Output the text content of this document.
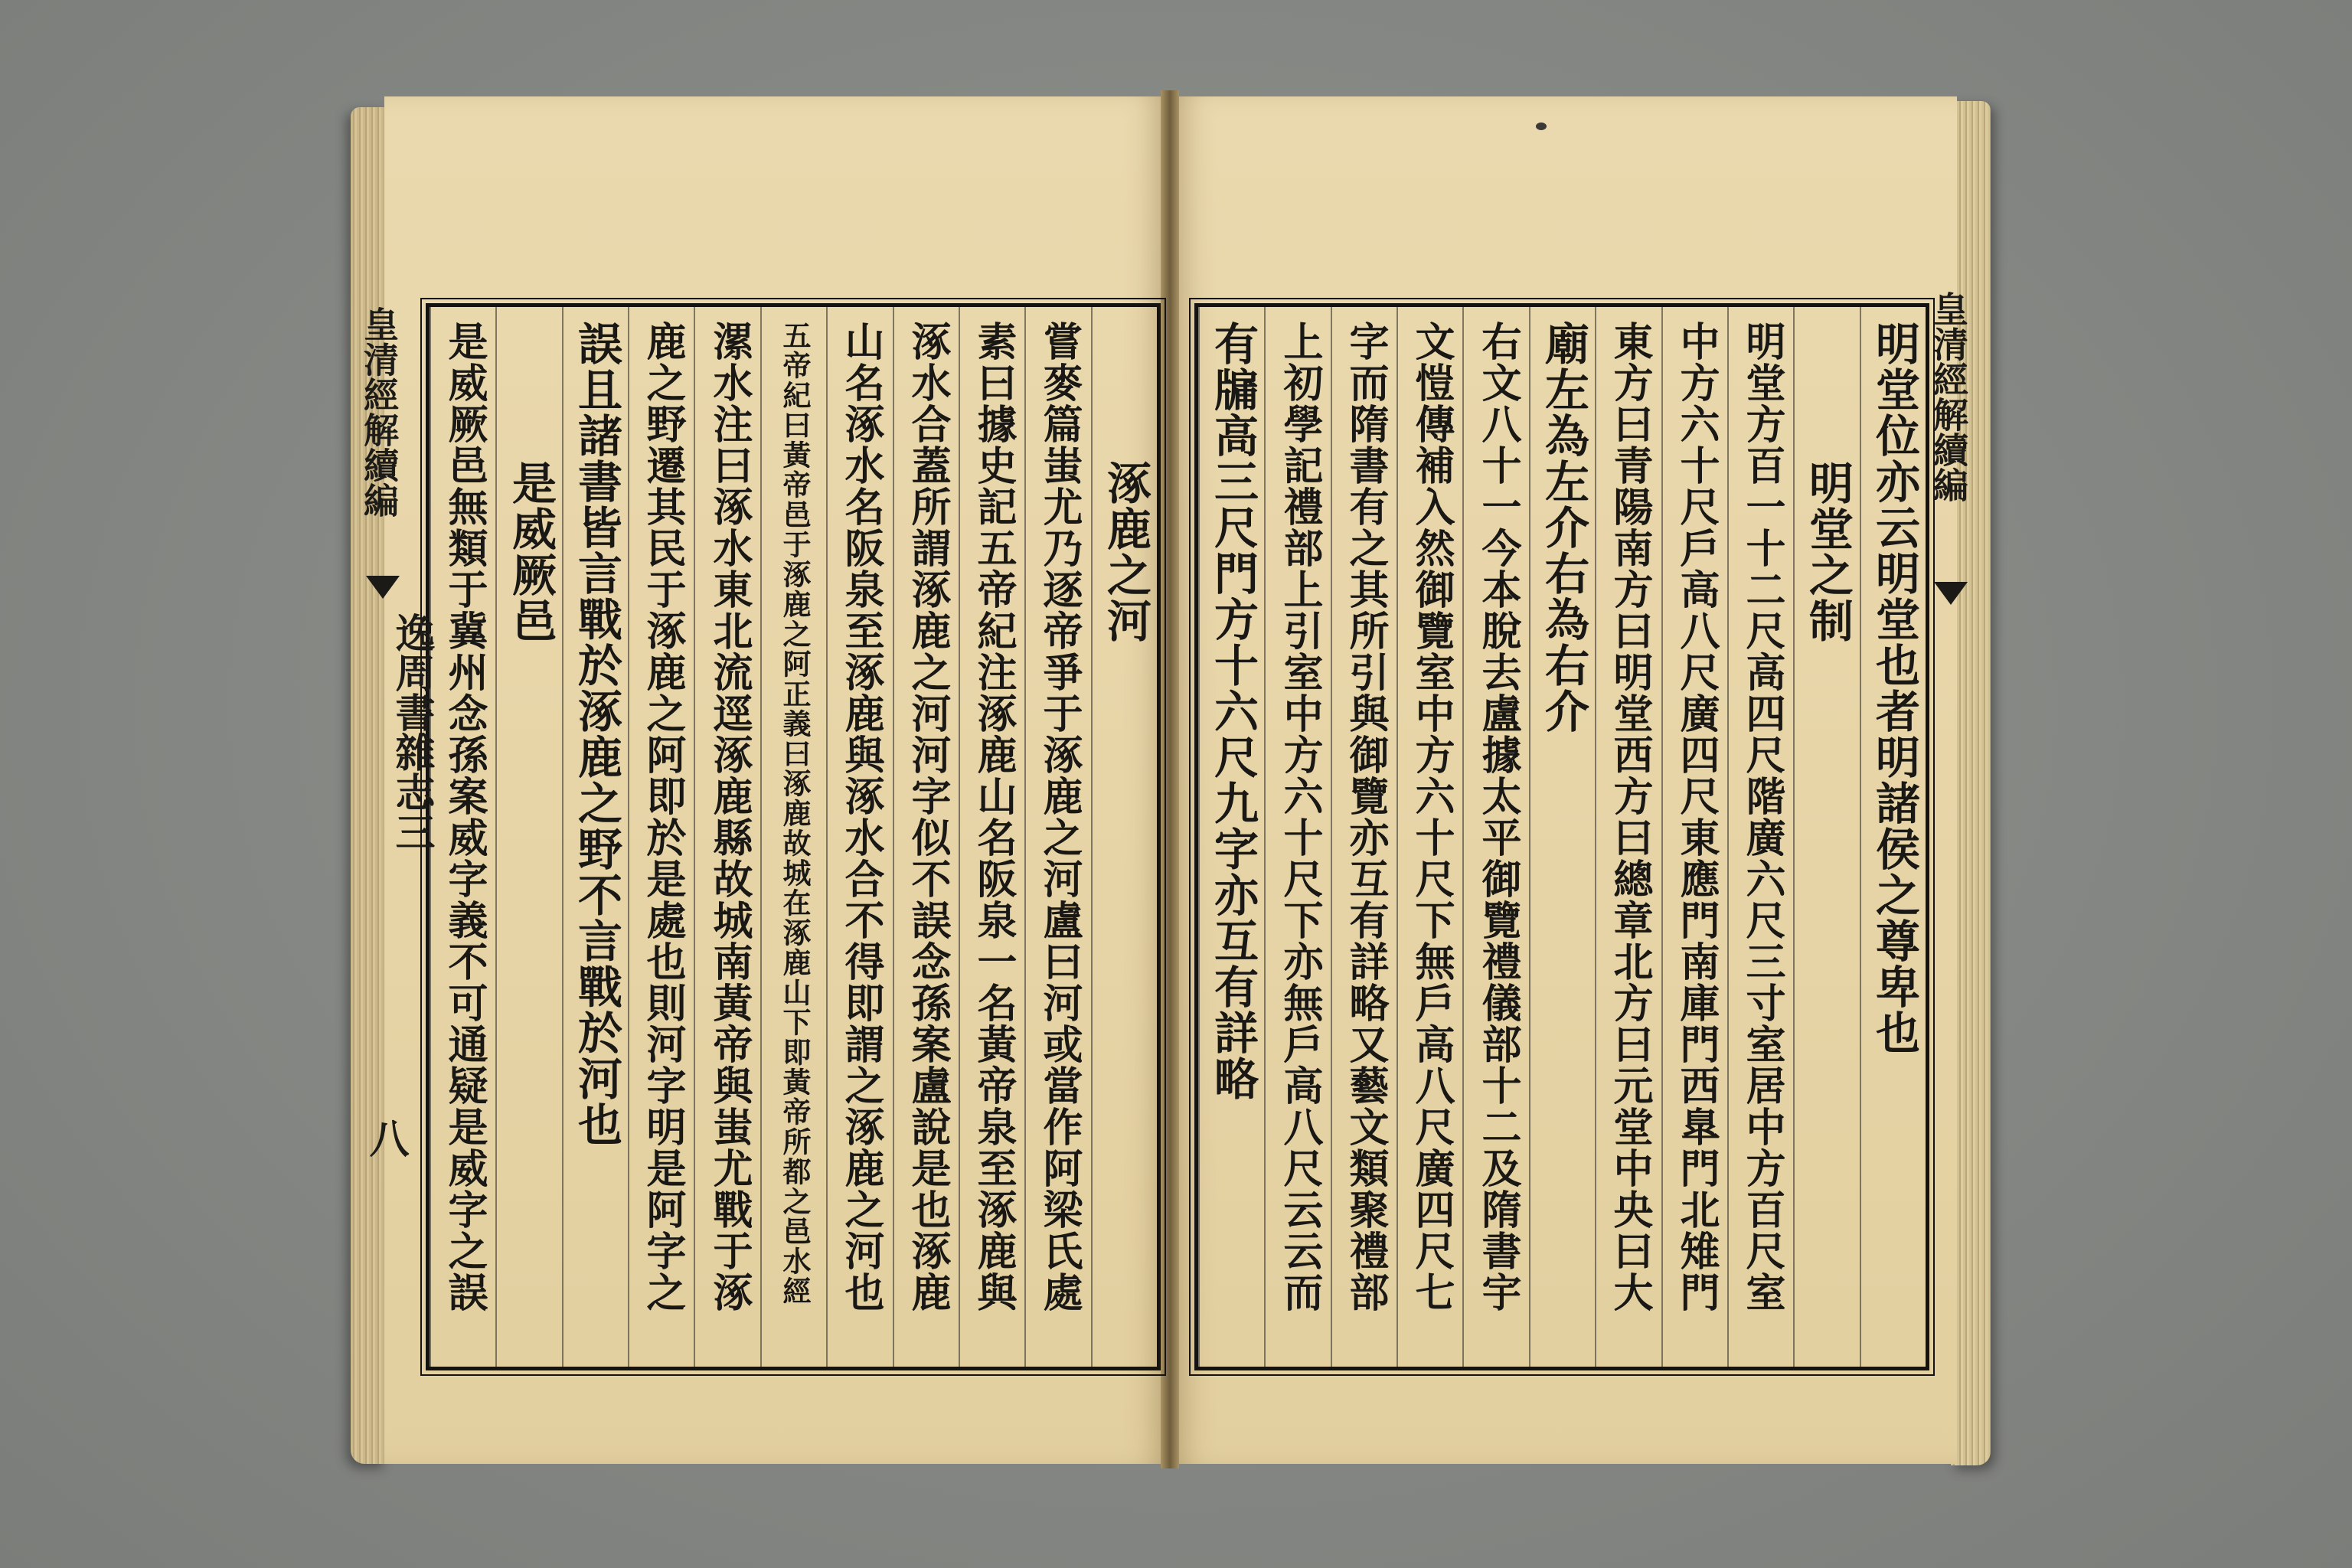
涿鹿之河
嘗麥篇蚩尤乃逐帝爭于涿鹿之河盧曰河或當作阿梁氏處
素曰據史記五帝紀注涿鹿山名阪泉一名黃帝泉至涿鹿與
涿水合蓋所謂涿鹿之河河字似不誤念孫案盧說是也涿鹿
山名涿水名阪泉至涿鹿與涿水合不得即謂之涿鹿之河也
五帝紀曰黃帝邑于涿鹿之阿正義曰涿鹿故城在涿鹿山下即黃帝所都之邑水經
漯水注曰涿水東北流逕涿鹿縣故城南黃帝與蚩尤戰于涿
鹿之野遷其民于涿鹿之阿即於是處也則河字明是阿字之
誤且諸書皆言戰於涿鹿之野不言戰於河也
是威厥邑
是威厥邑無類于冀州念孫案威字義不可通疑是威字之誤
皇清經解續編
逸周書雜志三
八
明堂位亦云明堂也者明諸侯之尊卑也
明堂之制
明堂方百一十二尺高四尺階廣六尺三寸室居中方百尺室
中方六十尺戶高八尺廣四尺東應門南庫門西臯門北雉門
東方曰青陽南方曰明堂西方曰總章北方曰元堂中央曰大
廟左為左介右為右介
右文八十一今本脫去盧據太平御覽禮儀部十二及隋書宇
文愷傳補入然御覽室中方六十尺下無戶高八尺廣四尺七
字而隋書有之其所引與御覽亦互有詳略又藝文類聚禮部
上初學記禮部上引室中方六十尺下亦無戶高八尺云云而
有牖高三尺門方十六尺九字亦互有詳略	皇清經解續編
